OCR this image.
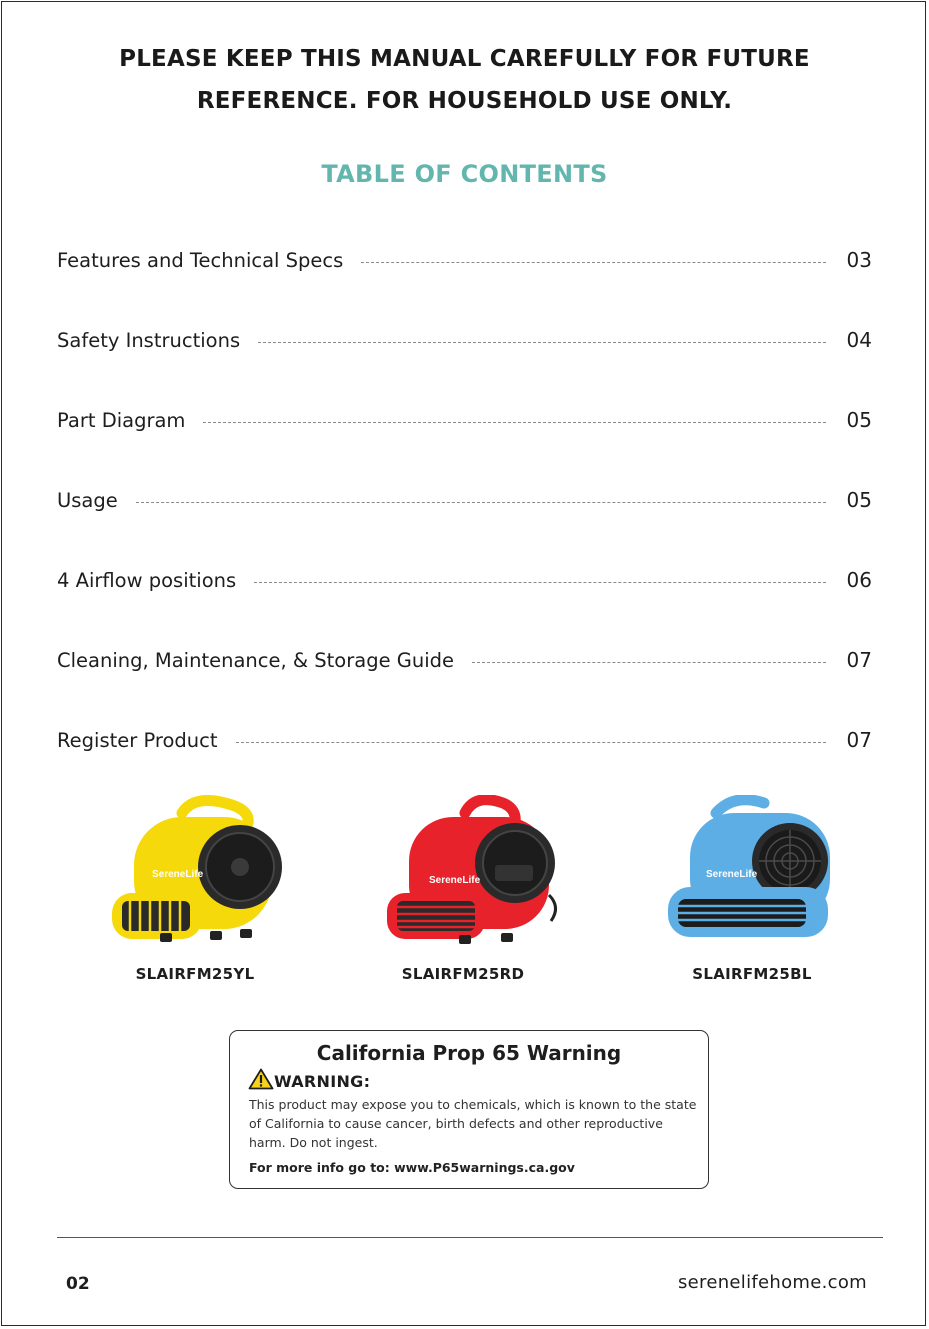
PLEASE KEEP THIS MANUAL CAREFULLY FOR FUTURE
REFERENCE. FOR HOUSEHOLD USE ONLY.
TABLE OF CONTENTS
Features and Technical Specs	03
Safety Instructions	04
Part Diagram	05
Usage	05
4 Airflow positions	06
Cleaning, Maintenance, & Storage Guide	07
Register Product	07
SereneLife
SLAIRFM25YL
SereneLife
SLAIRFM25RD
SereneLife
SLAIRFM25BL
California Prop 65 Warning
WARNING:
This product may expose you to chemicals, which is known to the state of California to cause cancer, birth defects and other reproductive harm. Do not ingest.
For more info go to: www.P65warnings.ca.gov
02	serenelifehome.com
